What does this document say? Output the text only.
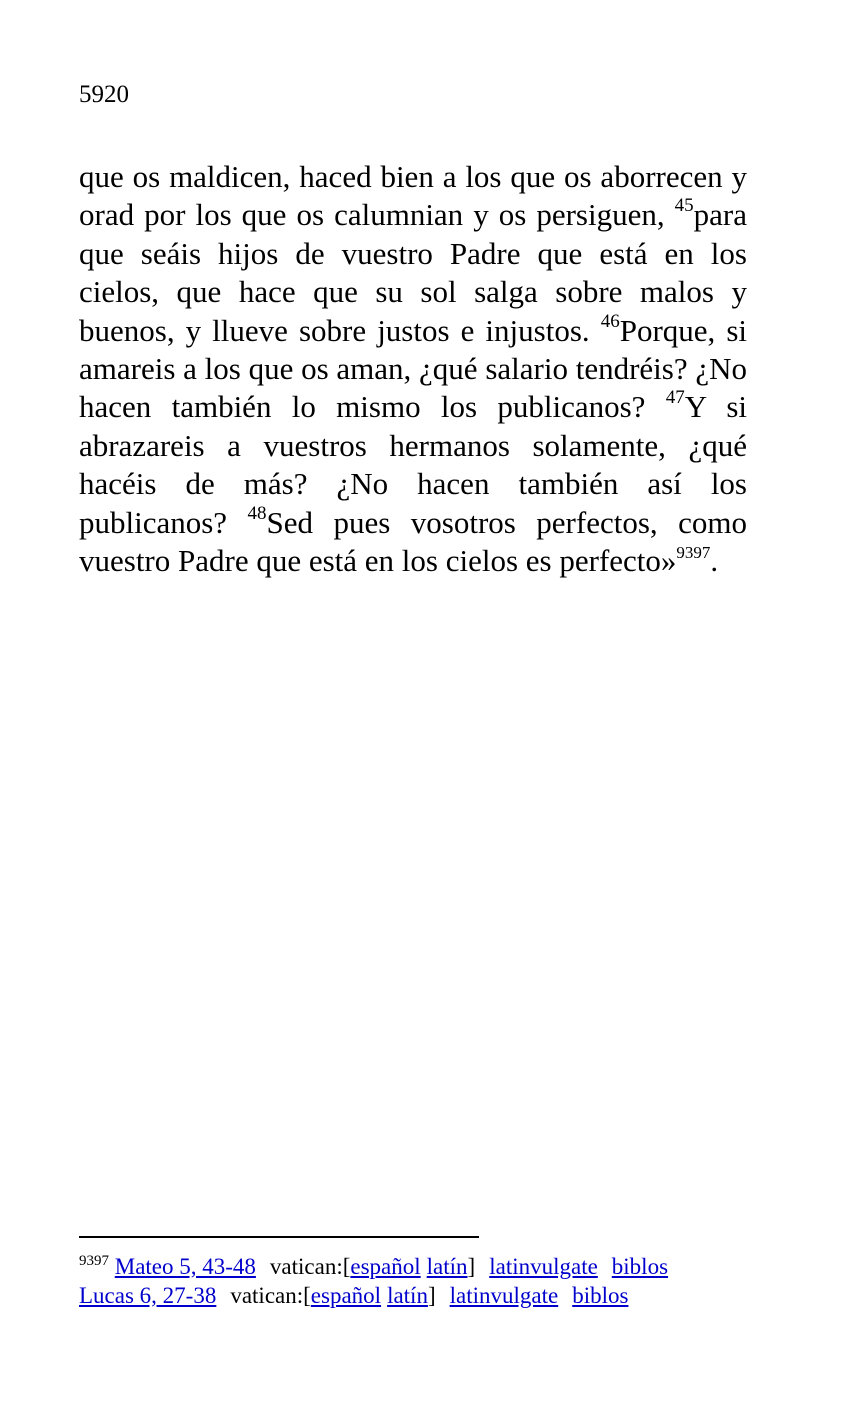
5920

que os maldicen, haced bien a los que os aborrecen y orad por los que os calumnian y os persiguen, $^{45}$para que seáis hijos de vuestro Padre que está en los cielos, que hace que su sol salga sobre malos y buenos, y llueve sobre justos e injustos. $^{46}$Porque, si amareis a los que os aman, ¿qué salario tendréis? ¿No hacen también lo mismo los publicanos? $^{47}$Y si abrazareis a vuestros hermanos solamente, ¿qué hacéis de más? ¿No hacen también así los publicanos? $^{48}$Sed pues vosotros perfectos, como vuestro Padre que está en los cielos es perfecto»$^{9397}$.

$^{9397}$ Mateo 5, 43-48 vatican:[español latín] latinvulgate biblos
Lucas 6, 27-38 vatican:[español latín] latinvulgate biblos
